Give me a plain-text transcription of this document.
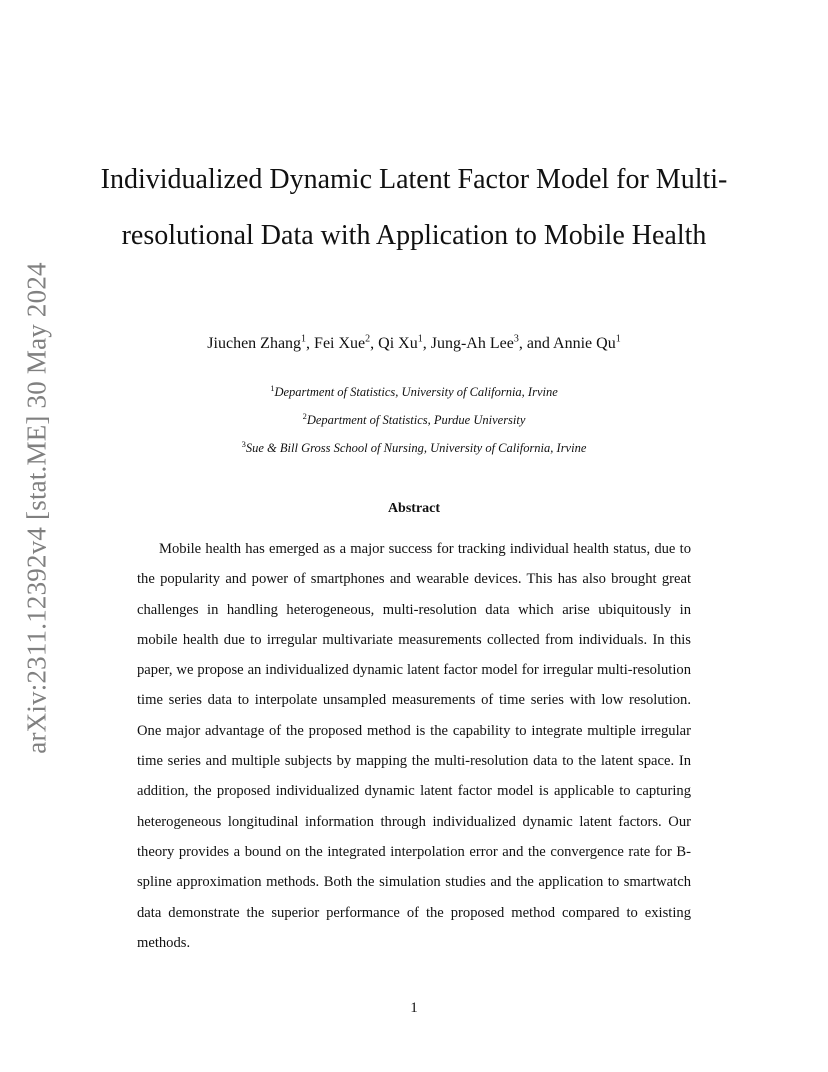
arXiv:2311.12392v4 [stat.ME] 30 May 2024
Individualized Dynamic Latent Factor Model for Multi-resolutional Data with Application to Mobile Health
Jiuchen Zhang$^1$, Fei Xue$^2$, Qi Xu$^1$, Jung-Ah Lee$^3$, and Annie Qu$^1$
$^1$Department of Statistics, University of California, Irvine
$^2$Department of Statistics, Purdue University
$^3$Sue & Bill Gross School of Nursing, University of California, Irvine
Abstract

Mobile health has emerged as a major success for tracking individual health status, due to the popularity and power of smartphones and wearable devices. This has also brought great challenges in handling heterogeneous, multi-resolution data which arise ubiquitously in mobile health due to irregular multivariate measurements collected from individuals. In this paper, we propose an individualized dynamic latent factor model for irregular multi-resolution time series data to interpolate unsampled measurements of time series with low resolution. One major advantage of the proposed method is the capability to integrate multiple irregular time series and multiple subjects by mapping the multi-resolution data to the latent space. In addition, the proposed individualized dynamic latent factor model is applicable to capturing heterogeneous longitudinal information through individualized dynamic latent factors. Our theory provides a bound on the integrated interpolation error and the convergence rate for B-spline approximation methods. Both the simulation studies and the application to smartwatch data demonstrate the superior performance of the proposed method compared to existing methods.

1
